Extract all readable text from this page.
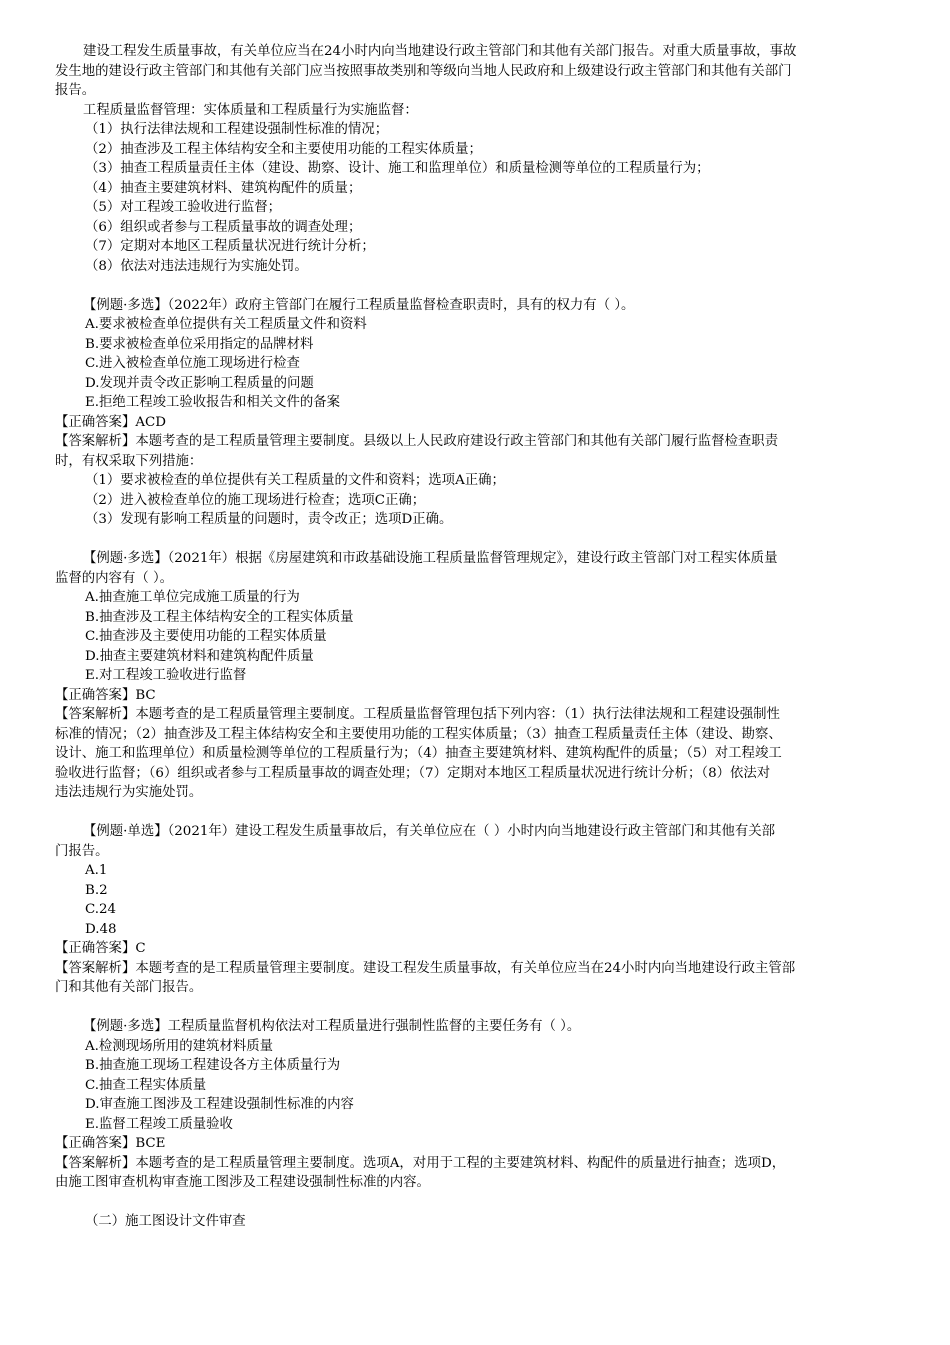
建设工程发生质量事故，有关单位应当在24小时内向当地建设行政主管部门和其他有关部门报告。对重大质量事故，事故
发生地的建设行政主管部门和其他有关部门应当按照事故类别和等级向当地人民政府和上级建设行政主管部门和其他有关部门
报告。
工程质量监督管理：实体质量和工程质量行为实施监督：
（1）执行法律法规和工程建设强制性标准的情况；
（2）抽查涉及工程主体结构安全和主要使用功能的工程实体质量；
（3）抽查工程质量责任主体（建设、勘察、设计、施工和监理单位）和质量检测等单位的工程质量行为；
（4）抽查主要建筑材料、建筑构配件的质量；
（5）对工程竣工验收进行监督；
（6）组织或者参与工程质量事故的调查处理；
（7）定期对本地区工程质量状况进行统计分析；
（8）依法对违法违规行为实施处罚。
【例题·多选】（2022年）政府主管部门在履行工程质量监督检查职责时，具有的权力有（ ）。
A.要求被检查单位提供有关工程质量文件和资料
B.要求被检查单位采用指定的品牌材料
C.进入被检查单位施工现场进行检查
D.发现并责令改正影响工程质量的问题
E.拒绝工程竣工验收报告和相关文件的备案
【正确答案】ACD
【答案解析】本题考查的是工程质量管理主要制度。县级以上人民政府建设行政主管部门和其他有关部门履行监督检查职责
时，有权采取下列措施：
（1）要求被检查的单位提供有关工程质量的文件和资料；选项A正确；
（2）进入被检查单位的施工现场进行检查；选项C正确；
（3）发现有影响工程质量的问题时，责令改正；选项D正确。
【例题·多选】（2021年）根据《房屋建筑和市政基础设施工程质量监督管理规定》，建设行政主管部门对工程实体质量
监督的内容有（ ）。
A.抽查施工单位完成施工质量的行为
B.抽查涉及工程主体结构安全的工程实体质量
C.抽查涉及主要使用功能的工程实体质量
D.抽查主要建筑材料和建筑构配件质量
E.对工程竣工验收进行监督
【正确答案】BC
【答案解析】本题考查的是工程质量管理主要制度。工程质量监督管理包括下列内容：（1）执行法律法规和工程建设强制性
标准的情况；（2）抽查涉及工程主体结构安全和主要使用功能的工程实体质量；（3）抽查工程质量责任主体（建设、勘察、
设计、施工和监理单位）和质量检测等单位的工程质量行为；（4）抽查主要建筑材料、建筑构配件的质量；（5）对工程竣工
验收进行监督；（6）组织或者参与工程质量事故的调查处理；（7）定期对本地区工程质量状况进行统计分析；（8）依法对
违法违规行为实施处罚。
【例题·单选】（2021年）建设工程发生质量事故后，有关单位应在（ ）小时内向当地建设行政主管部门和其他有关部
门报告。
A.1
B.2
C.24
D.48
【正确答案】C
【答案解析】本题考查的是工程质量管理主要制度。建设工程发生质量事故，有关单位应当在24小时内向当地建设行政主管部
门和其他有关部门报告。
【例题·多选】工程质量监督机构依法对工程质量进行强制性监督的主要任务有（ ）。
A.检测现场所用的建筑材料质量
B.抽查施工现场工程建设各方主体质量行为
C.抽查工程实体质量
D.审查施工图涉及工程建设强制性标准的内容
E.监督工程竣工质量验收
【正确答案】BCE
【答案解析】本题考查的是工程质量管理主要制度。选项A，对用于工程的主要建筑材料、构配件的质量进行抽查；选项D，
由施工图审查机构审查施工图涉及工程建设强制性标准的内容。
（二）施工图设计文件审查
